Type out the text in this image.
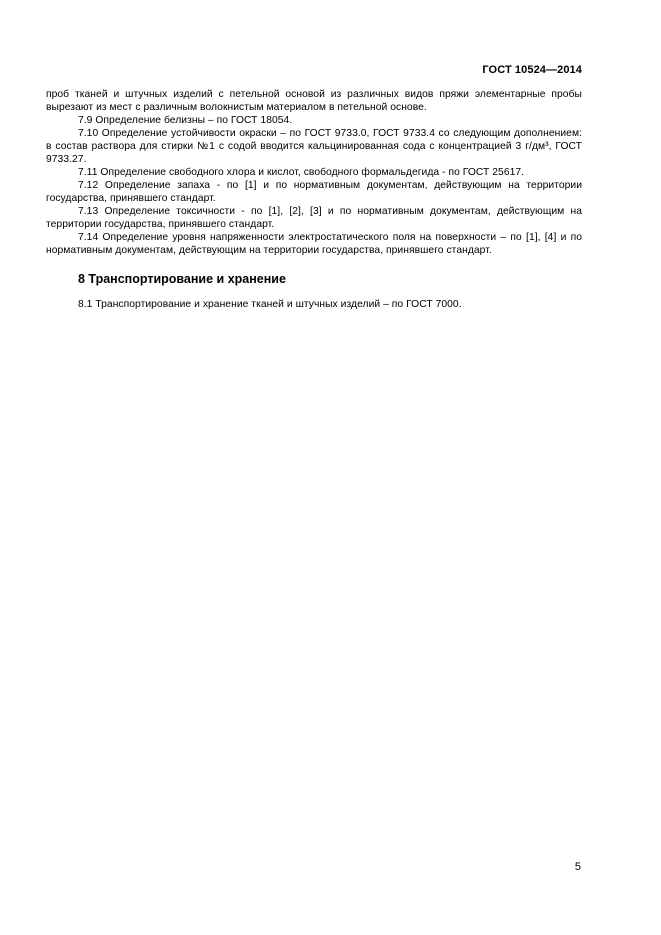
ГОСТ 10524—2014

проб тканей и штучных изделий с петельной основой из различных видов пряжи элементарные пробы вырезают из мест с различным волокнистым материалом в петельной основе.

7.9 Определение белизны – по ГОСТ 18054.

7.10 Определение устойчивости окраски – по ГОСТ 9733.0, ГОСТ 9733.4 со следующим дополнением: в состав раствора для стирки №1 с содой вводится кальцинированная сода с концентрацией 3 г/дм³, ГОСТ 9733.27.

7.11 Определение свободного хлора и кислот, свободного формальдегида - по ГОСТ 25617.

7.12 Определение запаха - по [1] и по нормативным документам, действующим на территории государства, принявшего стандарт.

7.13 Определение токсичности - по [1], [2], [3] и по нормативным документам, действующим на территории государства, принявшего стандарт.

7.14 Определение уровня напряженности электростатического поля на поверхности – по [1], [4] и по нормативным документам, действующим на территории государства, принявшего стандарт.

8 Транспортирование и хранение

8.1 Транспортирование и хранение тканей и штучных изделий – по ГОСТ 7000.

5
